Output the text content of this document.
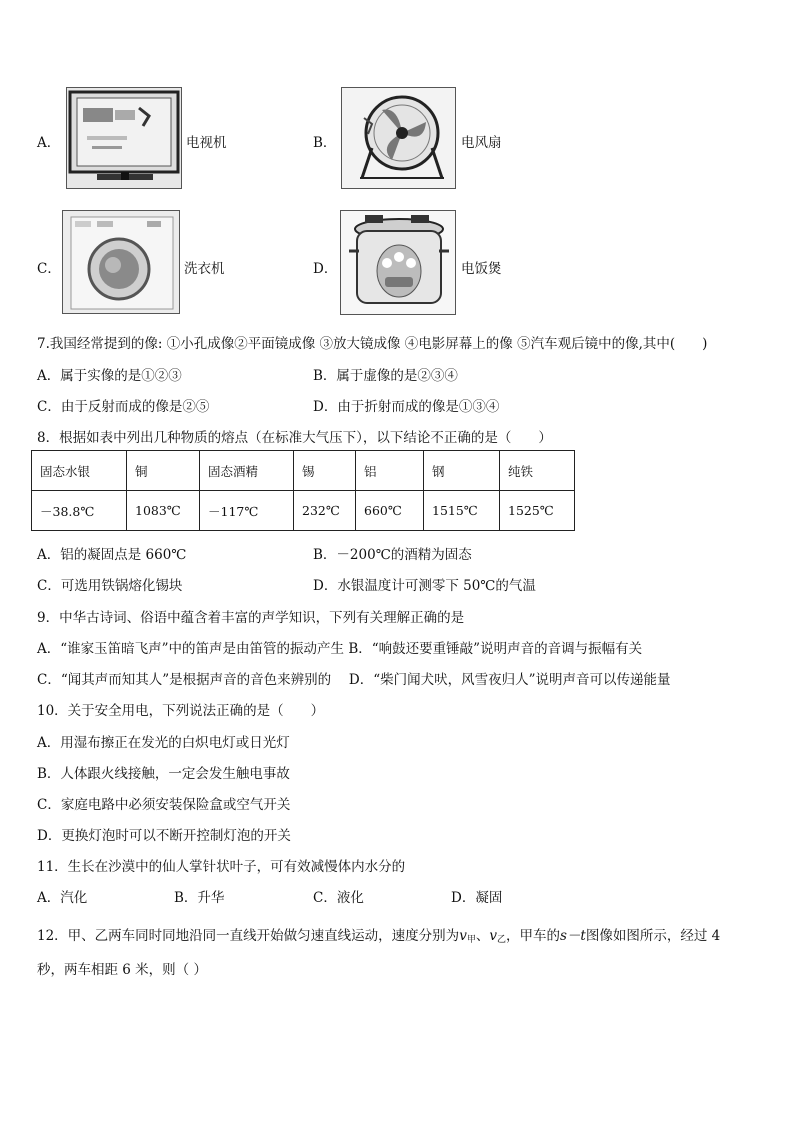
A．	电视机	B．	电风扇
C．	洗衣机	D．	电饭煲
7.我国经常提到的像: ①小孔成像②平面镜成像 ③放大镜成像 ④电影屏幕上的像 ⑤汽车观后镜中的像,其中(　　)
A．属于实像的是①②③	B．属于虚像的是②③④
C．由于反射而成的像是②⑤	D．由于折射而成的像是①③④
8．根据如表中列出几种物质的熔点（在标准大气压下），以下结论不正确的是（　　）
固态水银	铜	固态酒精	锡	铝	钢	纯铁
－38.8℃	1083℃	－117℃	232℃	660℃	1515℃	1525℃
A．铝的凝固点是 660℃	B．－200℃的酒精为固态
C．可选用铁锅熔化锡块	D．水银温度计可测零下 50℃的气温
9．中华古诗词、俗语中蕴含着丰富的声学知识，下列有关理解正确的是
A．“谁家玉笛暗飞声”中的笛声是由笛管的振动产生 B．“响鼓还要重锤敲”说明声音的音调与振幅有关
C．“闻其声而知其人”是根据声音的音色来辨别的　 D．“柴门闻犬吠，风雪夜归人”说明声音可以传递能量
10．关于安全用电，下列说法正确的是（　　）
A．用湿布擦正在发光的白炽电灯或日光灯
B．人体跟火线接触，一定会发生触电事故
C．家庭电路中必须安装保险盒或空气开关
D．更换灯泡时可以不断开控制灯泡的开关
11．生长在沙漠中的仙人掌针状叶子，可有效减慢体内水分的
A．汽化	B．升华	C．液化	D．凝固
12．甲、乙两车同时同地沿同一直线开始做匀速直线运动，速度分别为$v_甲$、$v_乙$，甲车的s－t图像如图所示，经过 4
秒，两车相距 6 米，则（ ）
